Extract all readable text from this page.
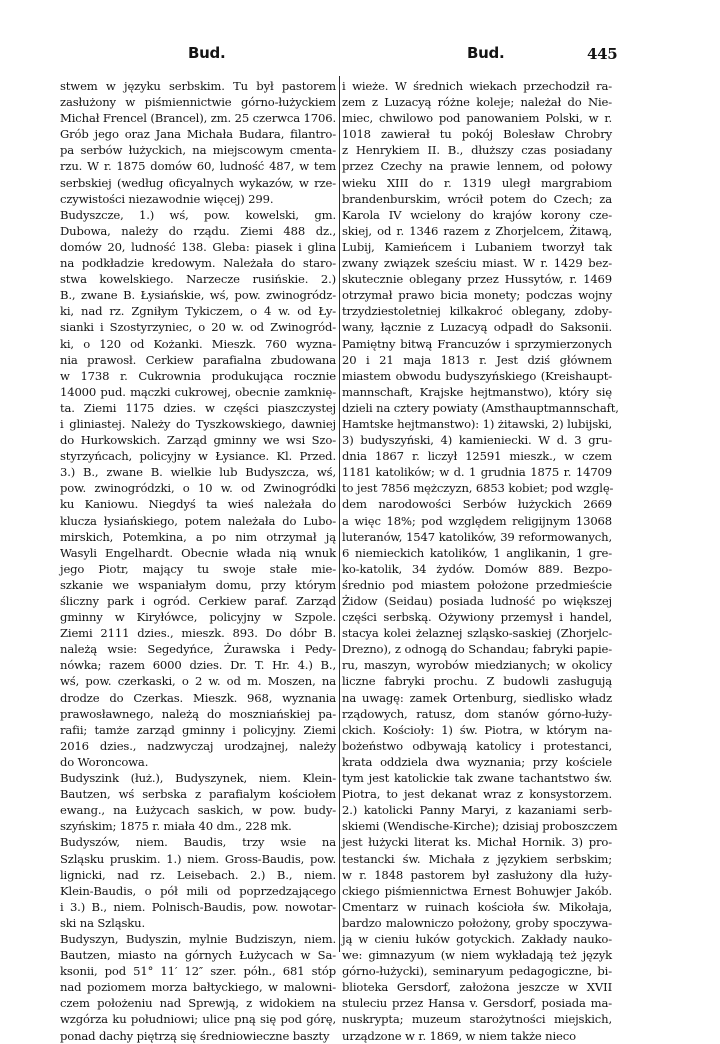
Bud.	Bud.	445
stwem w języku serbskim. Tu był pastorem
zasłużony w piśmiennictwie górno-łużyckiem
Michał Frencel (Brancel), zm. 25 czerwca 1706.
Grób jego oraz Jana Michała Budara, filantro-
pa serbów łużyckich, na miejscowym cmenta-
rzu. W r. 1875 domów 60, ludność 487, w tem
serbskiej (według oficyalnych wykazów, w rze-
czywistości niezawodnie więcej) 299.
Budyszcze, 1.) wś, pow. kowelski, gm.
Dubowa, należy do rządu. Ziemi 488 dz.,
domów 20, ludność 138. Gleba: piasek i glina
na podkładzie kredowym. Należała do staro-
stwa kowelskiego. Narzecze rusińskie. 2.)
B., zwane B. Łysiańskie, wś, pow. zwinogródz-
ki, nad rz. Zgniłym Tykiczem, o 4 w. od Ły-
sianki i Szostyrzyniec, o 20 w. od Zwinogród-
ki, o 120 od Kożanki. Mieszk. 760 wyzna-
nia prawosł. Cerkiew parafialna zbudowana
w 1738 r. Cukrownia produkująca rocznie
14000 pud. mączki cukrowej, obecnie zamknię-
ta. Ziemi 1175 dzies. w części piaszczystej
i gliniastej. Należy do Tyszkowskiego, dawniej
do Hurkowskich. Zarząd gminny we wsi Szo-
styrzyńcach, policyjny w Łysiance. Kl. Przed.
3.) B., zwane B. wielkie lub Budyszcza, wś,
pow. zwinogródzki, o 10 w. od Zwinogródki
ku Kaniowu. Niegdyś ta wieś należała do
klucza łysiańskiego, potem należała do Lubo-
mirskich, Potemkina, a po nim otrzymał ją
Wasyli Engelhardt. Obecnie włada nią wnuk
jego Piotr, mający tu swoje stałe mie-
szkanie we wspaniałym domu, przy którym
śliczny park i ogród. Cerkiew paraf. Zarząd
gminny w Kiryłówce, policyjny w Szpole.
Ziemi 2111 dzies., mieszk. 893. Do dóbr B.
należą wsie: Segedyńce, Żurawska i Pedy-
nówka; razem 6000 dzies. Dr. T. Hr. 4.) B.,
wś, pow. czerkaski, o 2 w. od m. Moszen, na
drodze do Czerkas. Mieszk. 968, wyznania
prawosławnego, należą do moszniańskiej pa-
rafii; tamże zarząd gminny i policyjny. Ziemi
2016 dzies., nadzwyczaj urodzajnej, należy
do Woroncowa.
Budyszink (łuż.), Budyszynek, niem. Klein-
Bautzen, wś serbska z parafialym kościołem
ewang., na Łużycach saskich, w pow. budy-
szyńskim; 1875 r. miała 40 dm., 228 mk.
Budyszów, niem. Baudis, trzy wsie na
Szląsku pruskim. 1.) niem. Gross-Baudis, pow.
lignicki, nad rz. Leisebach. 2.) B., niem.
Klein-Baudis, o pół mili od poprzedzającego
i 3.) B., niem. Polnisch-Baudis, pow. nowotar-
ski na Szląsku.
Budyszyn, Budyszin, mylnie Budziszyn, niem.
Bautzen, miasto na górnych Łużycach w Sa-
ksonii, pod 51° 11′ 12″ szer. półn., 681 stóp
nad poziomem morza bałtyckiego, w malowni-
czem położeniu nad Sprewją, z widokiem na
wzgórza ku południowi; ulice pną się pod górę,
ponad dachy piętrzą się średniowieczne baszty
i wieże. W średnich wiekach przechodził ra-
zem z Luzacyą różne koleje; należał do Nie-
miec, chwilowo pod panowaniem Polski, w r.
1018 zawierał tu pokój Bolesław Chrobry
z Henrykiem II. B., dłuższy czas posiadany
przez Czechy na prawie lennem, od połowy
wieku XIII do r. 1319 uległ margrabiom
brandenburskim, wrócił potem do Czech; za
Karola IV wcielony do krajów korony cze-
skiej, od r. 1346 razem z Zhorjelcem, Żitawą,
Lubij, Kamieńcem i Lubaniem tworzył tak
zwany związek sześciu miast. W r. 1429 bez-
skutecznie oblegany przez Hussytów, r. 1469
otrzymał prawo bicia monety; podczas wojny
trzydziestoletniej kilkakroć oblegany, zdoby-
wany, łącznie z Luzacyą odpadł do Saksonii.
Pamiętny bitwą Francuzów i sprzymierzonych
20 i 21 maja 1813 r. Jest dziś głównem
miastem obwodu budyszyńskiego (Kreishaupt-
mannschaft, Krajske hejtmanstwo), który się
dzieli na cztery powiaty (Amsthauptmannschaft,
Hamtske hejtmanstwo): 1) żitawski, 2) lubijski,
3) budyszyński, 4) kamieniecki. W d. 3 gru-
dnia 1867 r. liczył 12591 mieszk., w czem
1181 katolików; w d. 1 grudnia 1875 r. 14709
to jest 7856 mężczyzn, 6853 kobiet; pod wzglę-
dem narodowości Serbów łużyckich 2669
a więc 18%; pod względem religijnym 13068
luteranów, 1547 katolików, 39 reformowanych,
6 niemieckich katolików, 1 anglikanin, 1 gre-
ko-katolik, 34 żydów. Domów 889. Bezpo-
średnio pod miastem położone przedmieście
Żidow (Seidau) posiada ludność po większej
części serbską. Ożywiony przemysł i handel,
stacya kolei żelaznej szląsko-saskiej (Zhorjelc-
Drezno), z odnogą do Schandau; fabryki papie-
ru, maszyn, wyrobów miedzianych; w okolicy
liczne fabryki prochu. Z budowli zasługują
na uwagę: zamek Ortenburg, siedlisko władz
rządowych, ratusz, dom stanów górno-łuży-
ckich. Kościoły: 1) św. Piotra, w którym na-
bożeństwo odbywają katolicy i protestanci,
krata oddziela dwa wyznania; przy kościele
tym jest katolickie tak zwane tachantstwo św.
Piotra, to jest dekanat wraz z konsystorzem.
2.) katolicki Panny Maryi, z kazaniami serb-
skiemi (Wendische-Kirche); dzisiaj proboszczem
jest łużycki literat ks. Michał Hornik. 3) pro-
testancki św. Michała z językiem serbskim;
w r. 1848 pastorem był zasłużony dla łuży-
ckiego piśmiennictwa Ernest Bohuwjer Jakób.
Cmentarz w ruinach kościoła św. Mikołaja,
bardzo malowniczo położony, groby spoczywa-
ją w cieniu łuków gotyckich. Zakłady nauko-
we: gimnazyum (w niem wykładają też język
górno-łużycki), seminaryum pedagogiczne, bi-
blioteka Gersdorf, założona jeszcze w XVII
stuleciu przez Hansa v. Gersdorf, posiada ma-
nuskrypta; muzeum starożytności miejskich,
urządzone w r. 1869, w niem także nieco
